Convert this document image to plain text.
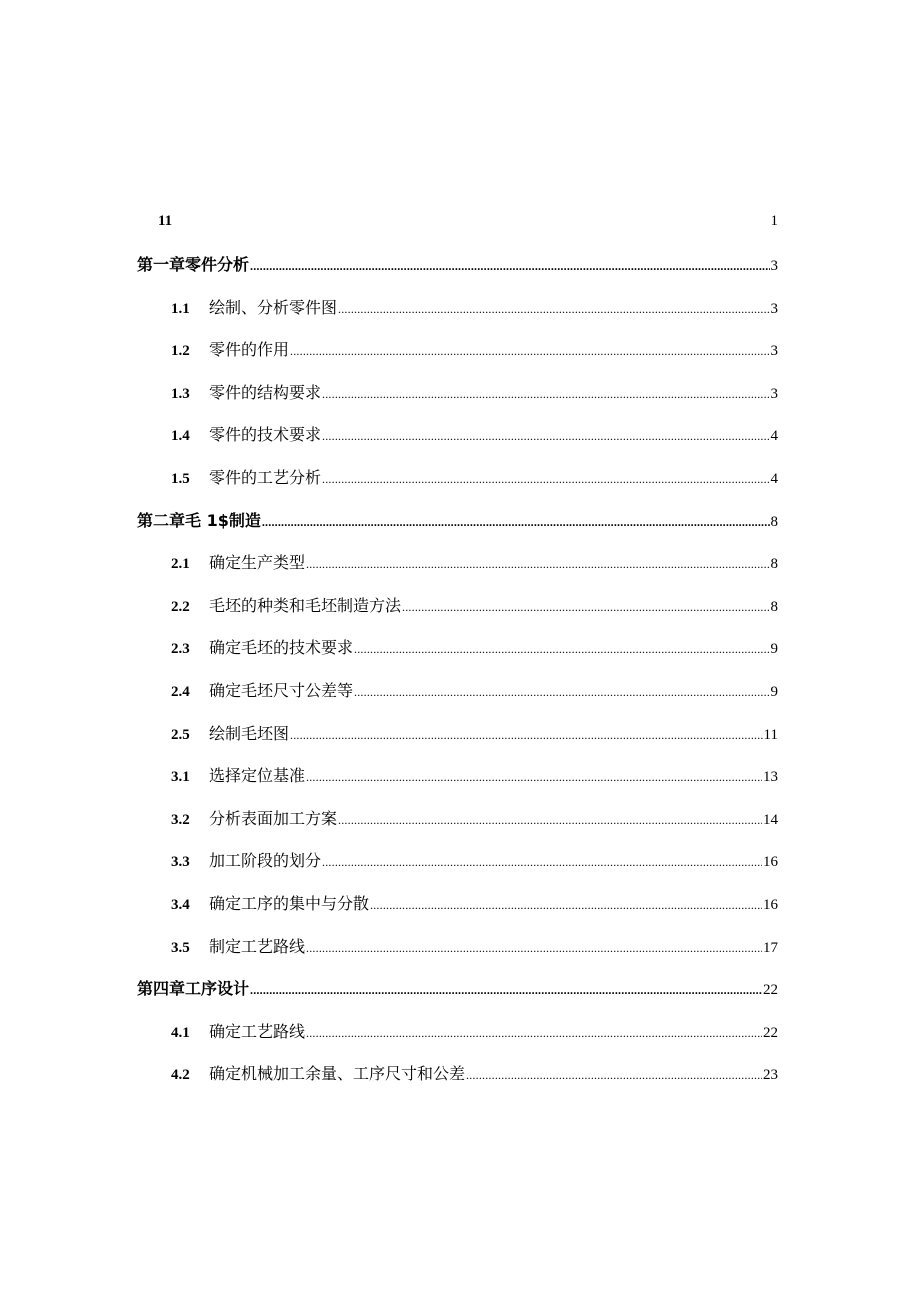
11	1
第一章零件分析 .....	3
1.1	绘制、分析零件图 .....	3
1.2	零件的作用 .....	3
1.3	零件的结构要求 .....	3
1.4	零件的技术要求 .....	4
1.5	零件的工艺分析 .....	4
第二章毛 1$制造 .....	8
2.1	确定生产类型 .....	8
2.2	毛坯的种类和毛坯制造方法 .....	8
2.3	确定毛坯的技术要求 .....	9
2.4	确定毛坯尺寸公差等 .....	9
2.5	绘制毛坯图 .....	11
3.1	选择定位基准 .....	13
3.2	分析表面加工方案 .....	14
3.3	加工阶段的划分 .....	16
3.4	确定工序的集中与分散 .....	16
3.5	制定工艺路线 .....	17
第四章工序设计 .....	22
4.1	确定工艺路线 .....	22
4.2	确定机械加工余量、工序尺寸和公差 .....	23
